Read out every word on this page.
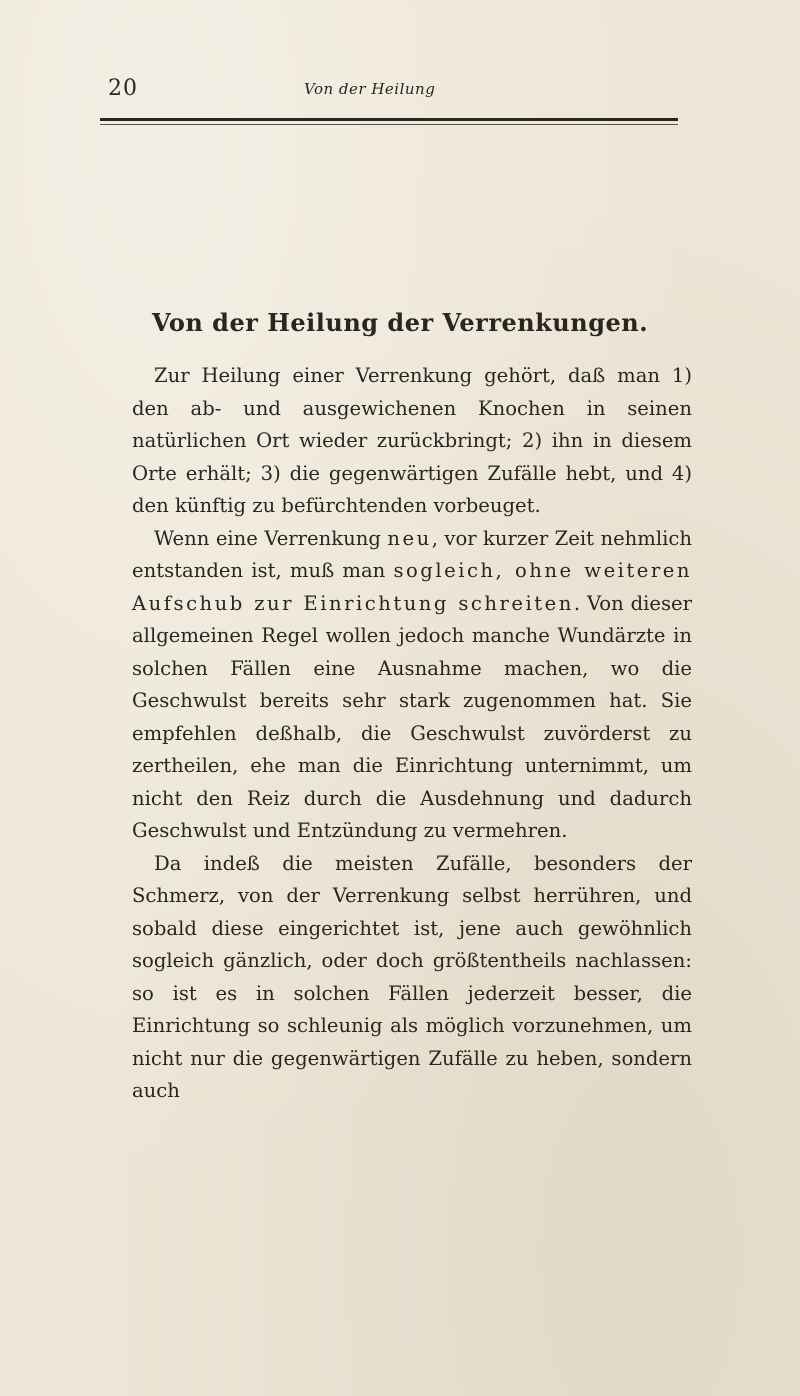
20	Von der Heilung
Von der Heilung der Verrenkungen.

Zur Heilung einer Verrenkung gehört, daß man 1) den ab- und ausgewichenen Knochen in seinen natürlichen Ort wieder zurückbringt; 2) ihn in diesem Orte erhält; 3) die gegenwärtigen Zufälle hebt, und 4) den künftig zu befürchtenden vorbeuget.

Wenn eine Verrenkung neu, vor kurzer Zeit nehmlich entstanden ist, muß man sogleich, ohne weiteren Aufschub zur Einrichtung schreiten. Von dieser allgemeinen Regel wollen jedoch manche Wundärzte in solchen Fällen eine Ausnahme machen, wo die Geschwulst bereits sehr stark zugenommen hat. Sie empfehlen deßhalb, die Geschwulst zuvörderst zu zertheilen, ehe man die Einrichtung unternimmt, um nicht den Reiz durch die Ausdehnung und dadurch Geschwulst und Entzündung zu vermehren.

Da indeß die meisten Zufälle, besonders der Schmerz, von der Verrenkung selbst herrühren, und sobald diese eingerichtet ist, jene auch gewöhnlich sogleich gänzlich, oder doch größtentheils nachlassen: so ist es in solchen Fällen jederzeit besser, die Einrichtung so schleunig als möglich vorzunehmen, um nicht nur die gegenwärtigen Zufälle zu heben, sondern auch
